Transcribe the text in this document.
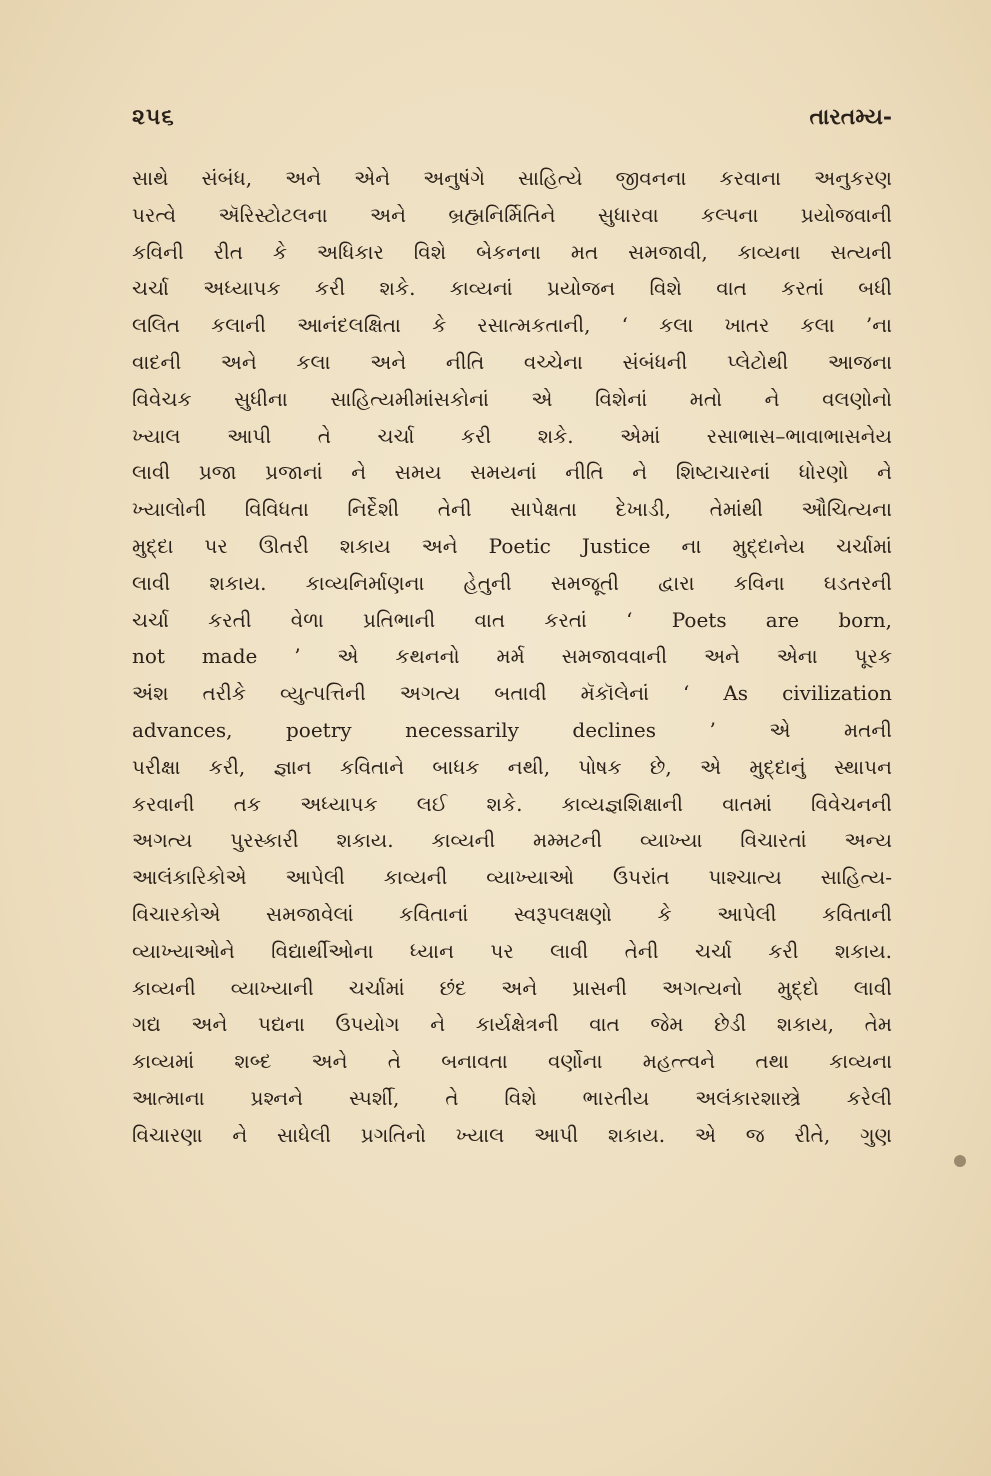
૨૫૬	તારતમ્ય-
સાથે સંબંધ, અને એને અનુષંગે સાહિત્યે જીવનના કરવાના અનુકરણ
પરત્વે ઍરિસ્ટોટલના અને બ્રહ્મનિર્મિતિને સુધારવા કલ્પના પ્રયોજવાની
કવિની રીત કે અધિકાર વિશે બેકનના મત સમજાવી, કાવ્યના સત્યની
ચર્ચા અધ્યાપક કરી શકે. કાવ્યનાં પ્રયોજન વિશે વાત કરતાં બધી
લલિત કલાની આનંદલક્ષિતા કે રસાત્મકતાની, ‘ કલા ખાતર કલા ’ના
વાદની અને કલા અને નીતિ વચ્ચેના સંબંધની પ્લેટોથી આજના
વિવેચક સુધીના સાહિત્યમીમાંસકોનાં એ વિશેનાં મતો ને વલણોનો
ખ્યાલ આપી તે ચર્ચા કરી શકે. એમાં રસાભાસ–ભાવાભાસનેય
લાવી પ્રજા પ્રજાનાં ને સમય સમયનાં નીતિ ને શિષ્ટાચારનાં ધોરણો ને
ખ્યાલોની વિવિધતા નિર્દેશી તેની સાપેક્ષતા દેખાડી, તેમાંથી ઔચિત્યના
મુદ્દા પર ઊતરી શકાય અને Poetic Justice ના મુદ્દાનેય ચર્ચામાં
લાવી શકાય. કાવ્યનિર્માણના હેતુની સમજૂતી દ્વારા કવિના ઘડતરની
ચર્ચા કરતી વેળા પ્રતિભાની વાત કરતાં ‘ Poets are born,
not made ’ એ કથનનો મર્મ સમજાવવાની અને એના પૂરક
અંશ તરીકે વ્યુત્પત્તિની અગત્ય બતાવી મૅકૉલેનાં ‘ As civilization
advances, poetry necessarily declines ’ એ મતની
પરીક્ષા કરી, જ્ઞાન કવિતાને બાધક નથી, પોષક છે, એ મુદ્દાનું સ્થાપન
કરવાની તક અધ્યાપક લઈ શકે. કાવ્યજ્ઞશિક્ષાની વાતમાં વિવેચનની
અગત્ય પુરસ્કારી શકાય. કાવ્યની મમ્મટની વ્યાખ્યા વિચારતાં અન્ય
આલંકારિકોએ આપેલી કાવ્યની વ્યાખ્યાઓ ઉપરાંત પાશ્ચાત્ય સાહિત્ય-
વિચારકોએ સમજાવેલાં કવિતાનાં સ્વરૂપલક્ષણો કે આપેલી કવિતાની
વ્યાખ્યાઓને વિદ્યાર્થીઓના ધ્યાન પર લાવી તેની ચર્ચા કરી શકાય.
કાવ્યની વ્યાખ્યાની ચર્ચામાં છંદ અને પ્રાસની અગત્યનો મુદ્દો લાવી
ગદ્ય અને પદ્યના ઉપયોગ ને કાર્યક્ષેત્રની વાત જેમ છેડી શકાય, તેમ
કાવ્યમાં શબ્દ અને તે બનાવતા વર્ણોના મહત્ત્વને તથા કાવ્યના
આત્માના પ્રશ્નને સ્પર્શી, તે વિશે ભારતીય અલંકારશાસ્ત્રે કરેલી
વિચારણા ને સાધેલી પ્રગતિનો ખ્યાલ આપી શકાય. એ જ રીતે, ગુણ
